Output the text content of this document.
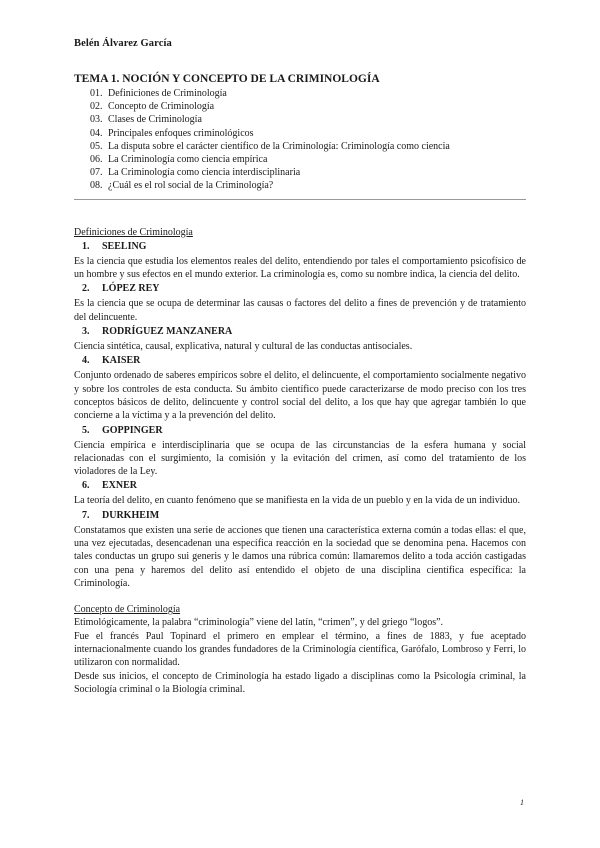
Belén Álvarez García
TEMA 1. NOCIÓN Y CONCEPTO DE LA CRIMINOLOGÍA
01. Definiciones de Criminología
02. Concepto de Criminología
03. Clases de Criminología
04. Principales enfoques criminológicos
05. La disputa sobre el carácter científico de la Criminología: Criminología como ciencia
06. La Criminología como ciencia empírica
07. La Criminología como ciencia interdisciplinaria
08. ¿Cuál es el rol social de la Criminología?
Definiciones de Criminología
1. SEELING

Es la ciencia que estudia los elementos reales del delito, entendiendo por tales el comportamiento psicofísico de un hombre y sus efectos en el mundo exterior. La criminología es, como su nombre indica, la ciencia del delito.

2. LÓPEZ REY

Es la ciencia que se ocupa de determinar las causas o factores del delito a fines de prevención y de tratamiento del delincuente.

3. RODRÍGUEZ MANZANERA

Ciencia sintética, causal, explicativa, natural y cultural de las conductas antisociales.

4. KAISER

Conjunto ordenado de saberes empíricos sobre el delito, el delincuente, el comportamiento socialmente negativo y sobre los controles de esta conducta. Su ámbito científico puede caracterizarse de modo preciso con los tres conceptos básicos de delito, delincuente y control social del delito, a los que hay que agregar también lo que concierne a la víctima y a la prevención del delito.

5. GOPPINGER

Ciencia empírica e interdisciplinaria que se ocupa de las circunstancias de la esfera humana y social relacionadas con el surgimiento, la comisión y la evitación del crimen, así como del tratamiento de los violadores de la Ley.

6. EXNER

La teoría del delito, en cuanto fenómeno que se manifiesta en la vida de un pueblo y en la vida de un individuo.

7. DURKHEIM

Constatamos que existen una serie de acciones que tienen una característica externa común a todas ellas: el que, una vez ejecutadas, desencadenan una específica reacción en la sociedad que se denomina pena. Hacemos con tales conductas un grupo sui generis y le damos una rúbrica común: llamaremos delito a toda acción castigadas con una pena y haremos del delito así entendido el objeto de una disciplina científica específica: la Criminología.

Concepto de Criminología

Etimológicamente, la palabra “criminología” viene del latín, “crimen”, y del griego “logos”.

Fue el francés Paul Topinard el primero en emplear el término, a fines de 1883, y fue aceptado internacionalmente cuando los grandes fundadores de la Criminología científica, Garófalo, Lombroso y Ferri, lo utilizaron con normalidad.

Desde sus inicios, el concepto de Criminología ha estado ligado a disciplinas como la Psicología criminal, la Sociología criminal o la Biología criminal.

1
